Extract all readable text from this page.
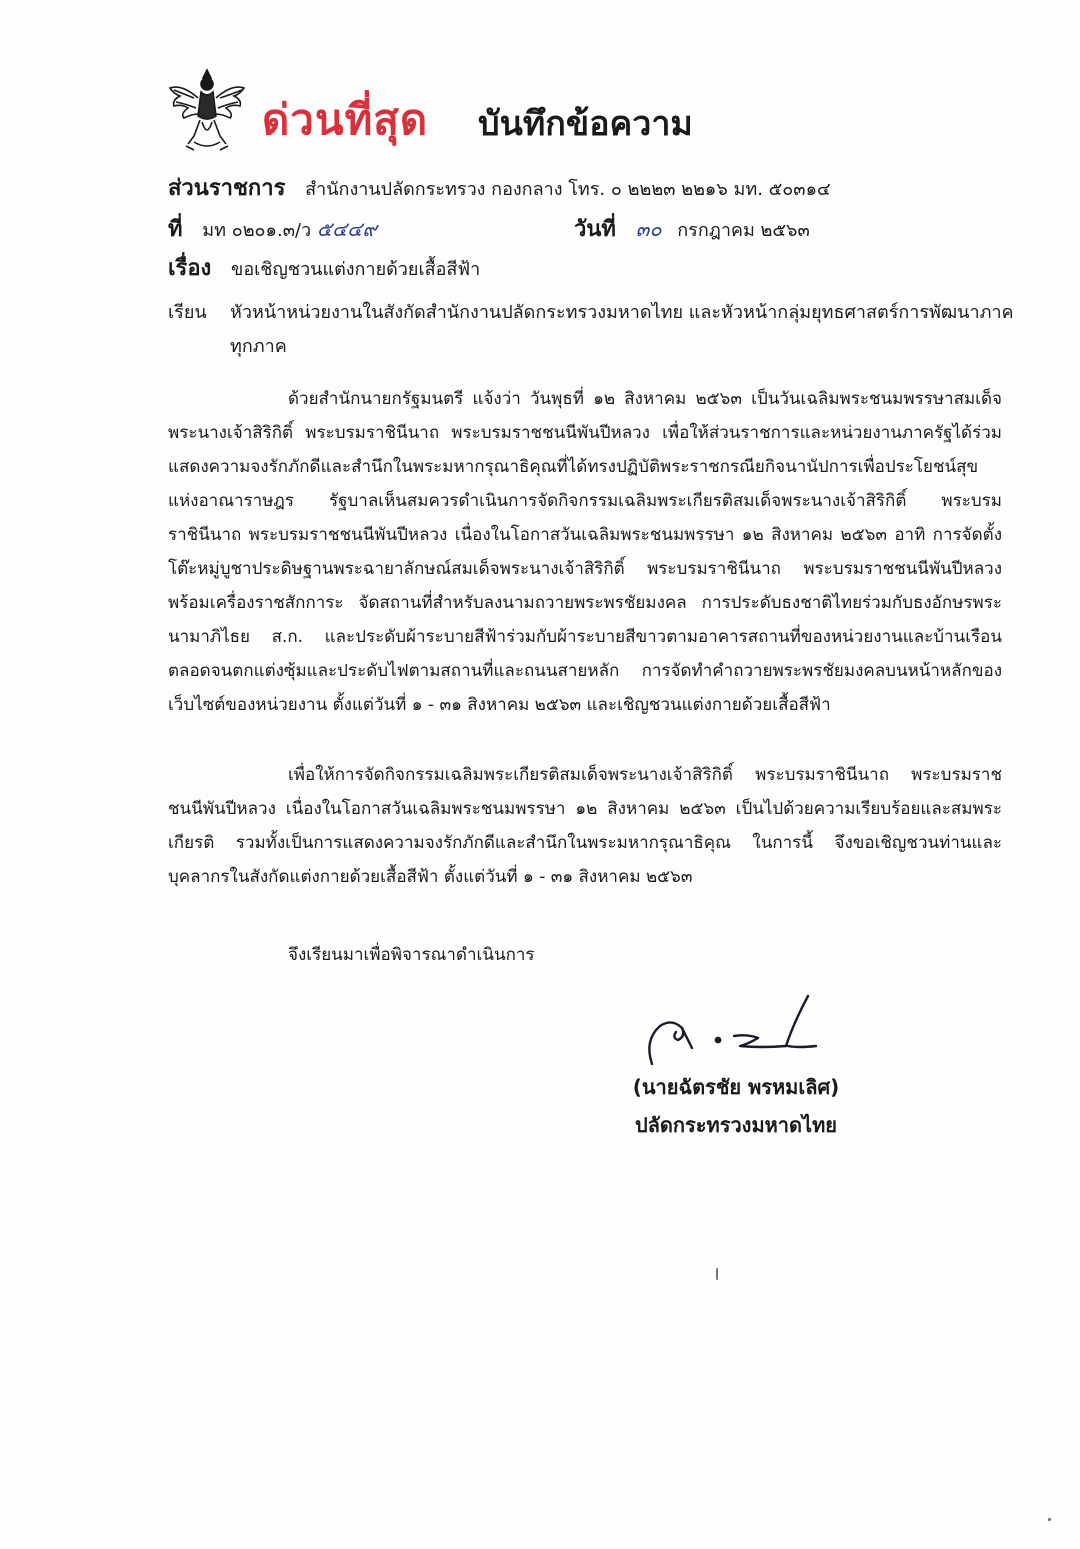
ด่วนที่สุด บันทึกข้อความ
ส่วนราชการ สำนักงานปลัดกระทรวง กองกลาง โทร. ๐ ๒๒๒๓ ๒๒๑๖ มท. ๕๐๓๑๔
ที่ มท ๐๒๐๑.๓/ว ๕๔๔๙	วันที่ ๓๐ กรกฎาคม ๒๕๖๓
เรื่อง ขอเชิญชวนแต่งกายด้วยเสื้อสีฟ้า
เรียน หัวหน้าหน่วยงานในสังกัดสำนักงานปลัดกระทรวงมหาดไทย และหัวหน้ากลุ่มยุทธศาสตร์การพัฒนาภาคทุกภาค

ด้วยสำนักนายกรัฐมนตรี แจ้งว่า วันพุธที่ ๑๒ สิงหาคม ๒๕๖๓ เป็นวันเฉลิมพระชนมพรรษาสมเด็จพระนางเจ้าสิริกิติ์ พระบรมราชินีนาถ พระบรมราชชนนีพันปีหลวง เพื่อให้ส่วนราชการและหน่วยงานภาครัฐได้ร่วมแสดงความจงรักภักดีและสำนึกในพระมหากรุณาธิคุณที่ได้ทรงปฏิบัติพระราชกรณียกิจนานัปการเพื่อประโยชน์สุขแห่งอาณาราษฎร รัฐบาลเห็นสมควรดำเนินการจัดกิจกรรมเฉลิมพระเกียรติสมเด็จพระนางเจ้าสิริกิติ์ พระบรมราชินีนาถ พระบรมราชชนนีพันปีหลวง เนื่องในโอกาสวันเฉลิมพระชนมพรรษา ๑๒ สิงหาคม ๒๕๖๓ อาทิ การจัดตั้งโต๊ะหมู่บูชาประดิษฐานพระฉายาลักษณ์สมเด็จพระนางเจ้าสิริกิติ์ พระบรมราชินีนาถ พระบรมราชชนนีพันปีหลวง พร้อมเครื่องราชสักการะ จัดสถานที่สำหรับลงนามถวายพระพรชัยมงคล การประดับธงชาติไทยร่วมกับธงอักษรพระนามาภิไธย ส.ก. และประดับผ้าระบายสีฟ้าร่วมกับผ้าระบายสีขาวตามอาคารสถานที่ของหน่วยงานและบ้านเรือน ตลอดจนตกแต่งซุ้มและประดับไฟตามสถานที่และถนนสายหลัก การจัดทำคำถวายพระพรชัยมงคลบนหน้าหลักของเว็บไซต์ของหน่วยงาน ตั้งแต่วันที่ ๑ - ๓๑ สิงหาคม ๒๕๖๓ และเชิญชวนแต่งกายด้วยเสื้อสีฟ้า

เพื่อให้การจัดกิจกรรมเฉลิมพระเกียรติสมเด็จพระนางเจ้าสิริกิติ์ พระบรมราชินีนาถ พระบรมราชชนนีพันปีหลวง เนื่องในโอกาสวันเฉลิมพระชนมพรรษา ๑๒ สิงหาคม ๒๕๖๓ เป็นไปด้วยความเรียบร้อยและสมพระเกียรติ รวมทั้งเป็นการแสดงความจงรักภักดีและสำนึกในพระมหากรุณาธิคุณ ในการนี้ จึงขอเชิญชวนท่านและบุคลากรในสังกัดแต่งกายด้วยเสื้อสีฟ้า ตั้งแต่วันที่ ๑ - ๓๑ สิงหาคม ๒๕๖๓

จึงเรียนมาเพื่อพิจารณาดำเนินการ

(นายฉัตรชัย พรหมเลิศ)
ปลัดกระทรวงมหาดไทย
